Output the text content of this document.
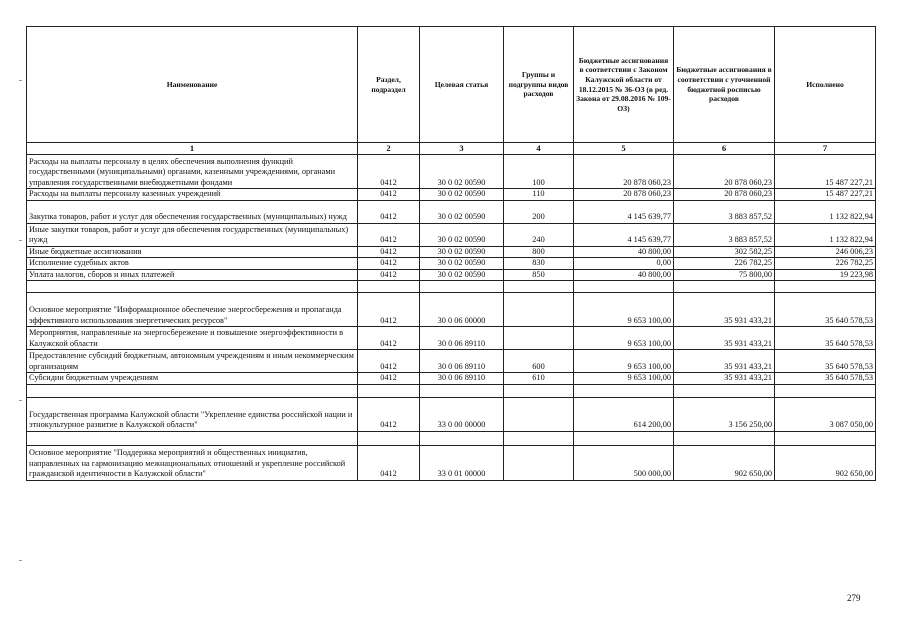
Наименование	Раздел, подраздел	Целевая статья	Группы и подгруппы видов расходов	Бюджетные ассигнования в соответствии с Законом Калужской области от 18.12.2015 № 36-ОЗ (в ред. Закона от 29.08.2016 № 109-ОЗ)	Бюджетные ассигнования в соответствии с уточненной бюджетной росписью расходов	Исполнено
1	2	3	4	5	6	7
Расходы на выплаты персоналу в целях обеспечения выполнения функций государственными (муниципальными) органами, казенными учреждениями, органами управления государственными внебюджетными фондами	0412	30 0 02 00590	100	20 878 060,23	20 878 060,23	15 487 227,21
Расходы на выплаты персоналу казенных учреждений	0412	30 0 02 00590	110	20 878 060,23	20 878 060,23	15 487 227,21
Закупка товаров, работ и услуг для обеспечения государственных (муниципальных) нужд	0412	30 0 02 00590	200	4 145 639,77	3 883 857,52	1 132 822,94
Иные закупки товаров, работ и услуг для обеспечения государственных (муниципальных) нужд	0412	30 0 02 00590	240	4 145 639,77	3 883 857,52	1 132 822,94
Иные бюджетные ассигнования	0412	30 0 02 00590	800	40 800,00	302 582,25	246 006,23
Исполнение судебных актов	0412	30 0 02 00590	830	0,00	226 782,25	226 782,25
Уплата налогов, сборов и иных платежей	0412	30 0 02 00590	850	40 800,00	75 800,00	19 223,98

Основное мероприятие "Информационное обеспечение энергосбережения и пропаганда эффективного использования энергетических ресурсов"	0412	30 0 06 00000		9 653 100,00	35 931 433,21	35 640 578,53
Мероприятия, направленные на энергосбережение и повышение энергоэффективности в Калужской области	0412	30 0 06 89110		9 653 100,00	35 931 433,21	35 640 578,53
Предоставление субсидий бюджетным, автономным учреждениям и иным некоммерческим организациям	0412	30 0 06 89110	600	9 653 100,00	35 931 433,21	35 640 578,53
Субсидии бюджетным учреждениям	0412	30 0 06 89110	610	9 653 100,00	35 931 433,21	35 640 578,53

Государственная программа Калужской области "Укрепление единства российской нации и этнокультурное развитие в Калужской области"	0412	33 0 00 00000		614 200,00	3 156 250,00	3 087 050,00

Основное мероприятие "Поддержка мероприятий и общественных инициатив, направленных на гармонизацию межнациональных отношений и укрепление российской гражданской идентичности в Калужской области"	0412	33 0 01 00000		500 000,00	902 650,00	902 650,00
279
